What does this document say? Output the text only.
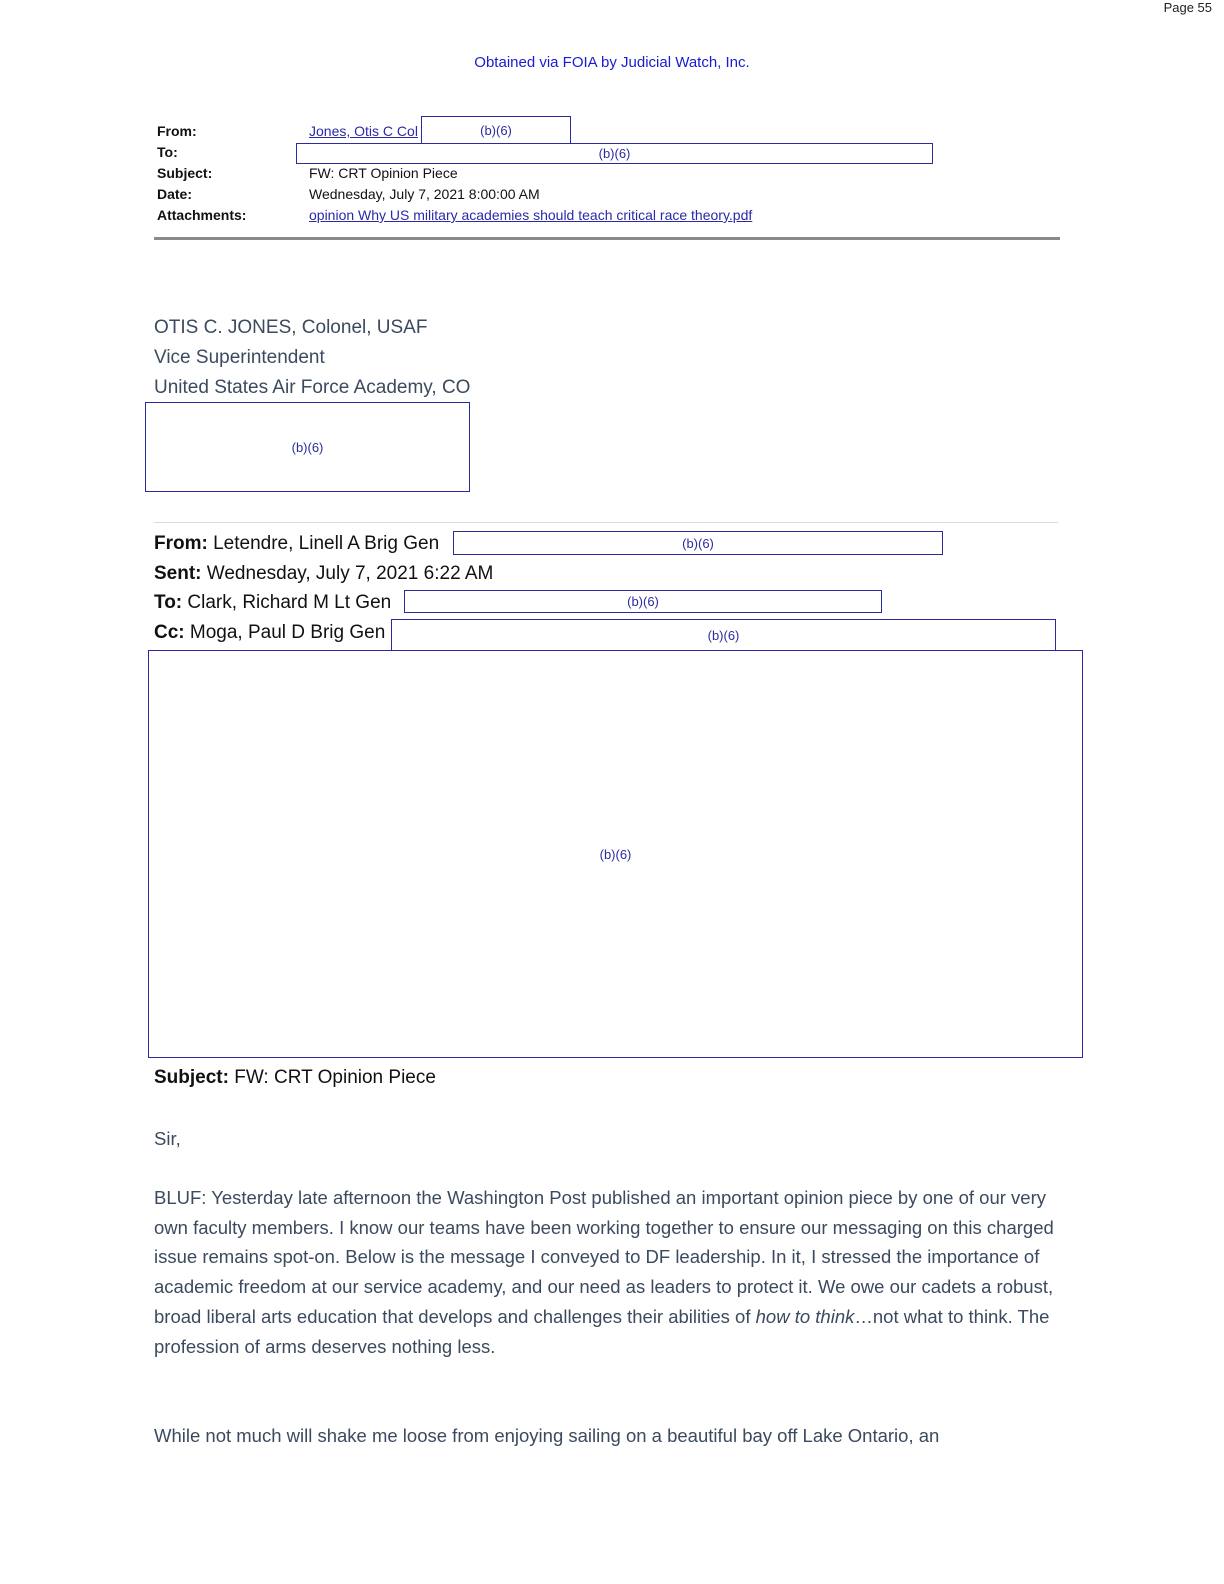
Page 55
Obtained via FOIA by Judicial Watch, Inc.
From:	Jones, Otis C Col	(b)(6)
To:	(b)(6)
Subject:	FW: CRT Opinion Piece
Date:	Wednesday, July 7, 2021 8:00:00 AM
Attachments:	opinion Why US military academies should teach critical race theory.pdf
OTIS C. JONES, Colonel, USAF
Vice Superintendent
United States Air Force Academy, CO
(b)(6)
From: Letendre, Linell A Brig Gen	(b)(6)
Sent: Wednesday, July 7, 2021 6:22 AM
To: Clark, Richard M Lt Gen	(b)(6)
Cc: Moga, Paul D Brig Gen	(b)(6)
(b)(6)
Subject: FW: CRT Opinion Piece
Sir,

BLUF: Yesterday late afternoon the Washington Post published an important opinion piece by one of our very own faculty members. I know our teams have been working together to ensure our messaging on this charged issue remains spot-on. Below is the message I conveyed to DF leadership. In it, I stressed the importance of academic freedom at our service academy, and our need as leaders to protect it. We owe our cadets a robust, broad liberal arts education that develops and challenges their abilities of how to think…not what to think. The profession of arms deserves nothing less.

While not much will shake me loose from enjoying sailing on a beautiful bay off Lake Ontario, an
